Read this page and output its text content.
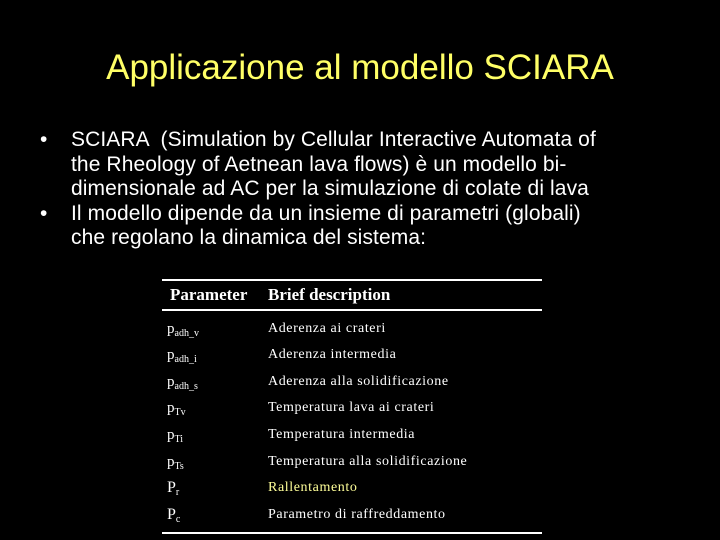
Applicazione al modello SCIARA
• SCIARA  (Simulation by Cellular Interactive Automata of
the Rheology of Aetnean lava flows) è un modello bi-
dimensionale ad AC per la simulazione di colate di lava
• Il modello dipende da un insieme di parametri (globali)
che regolano la dinamica del sistema:
Parameter	Brief description
$p_{adh\_v}$	Aderenza ai crateri
$p_{adh\_i}$	Aderenza intermedia
$p_{adh\_s}$	Aderenza alla solidificazione
$p_{Tv}$	Temperatura lava ai crateri
$p_{Ti}$	Temperatura intermedia
$p_{Ts}$	Temperatura alla solidificazione
$P_r$	Rallentamento
$P_c$	Parametro di raffreddamento
